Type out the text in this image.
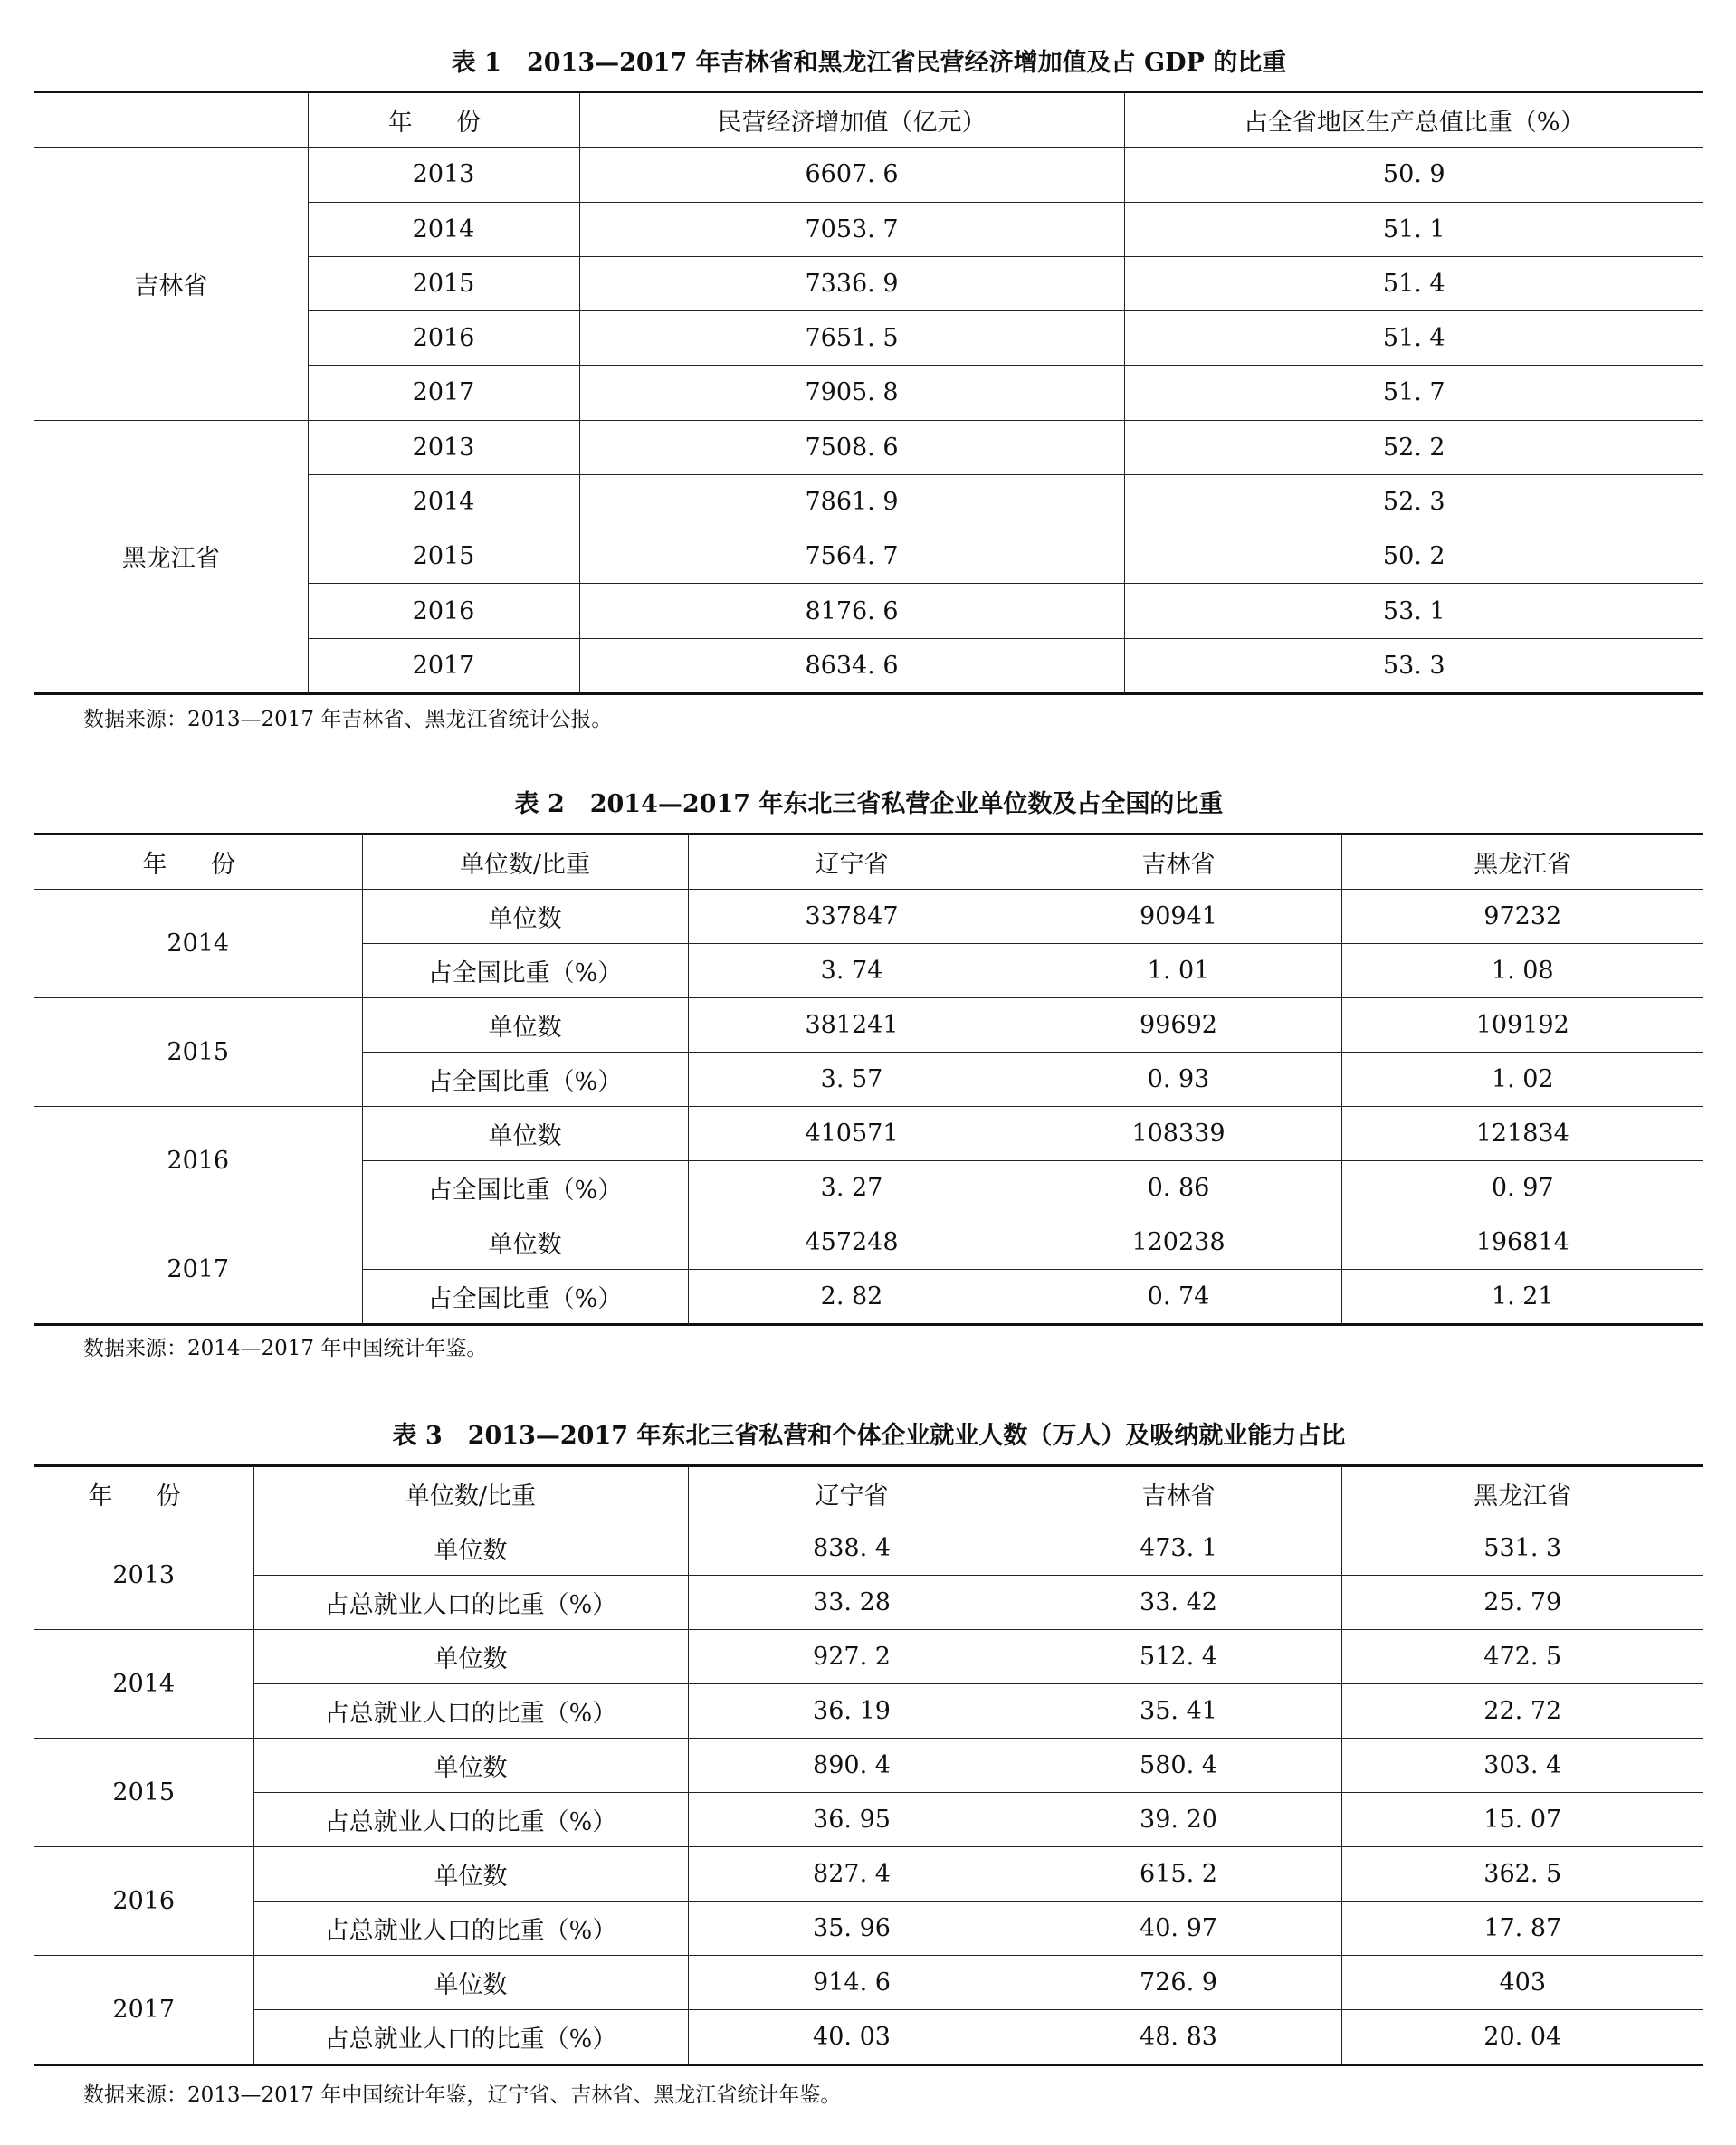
表 1 2013—2017 年吉林省和黑龙江省民营经济增加值及占 GDP 的比重
	年 份	民营经济增加值（亿元）	占全省地区生产总值比重（%）
吉林省	2013	6607. 6	50. 9
	2014	7053. 7	51. 1
	2015	7336. 9	51. 4
	2016	7651. 5	51. 4
	2017	7905. 8	51. 7
黑龙江省	2013	7508. 6	52. 2
	2014	7861. 9	52. 3
	2015	7564. 7	50. 2
	2016	8176. 6	53. 1
	2017	8634. 6	53. 3
数据来源：2013—2017 年吉林省、黑龙江省统计公报。
表 2 2014—2017 年东北三省私营企业单位数及占全国的比重
年 份	单位数/比重	辽宁省	吉林省	黑龙江省
2014	单位数	337847	90941	97232
	占全国比重（%）	3. 74	1. 01	1. 08
2015	单位数	381241	99692	109192
	占全国比重（%）	3. 57	0. 93	1. 02
2016	单位数	410571	108339	121834
	占全国比重（%）	3. 27	0. 86	0. 97
2017	单位数	457248	120238	196814
	占全国比重（%）	2. 82	0. 74	1. 21
数据来源：2014—2017 年中国统计年鉴。
表 3 2013—2017 年东北三省私营和个体企业就业人数（万人）及吸纳就业能力占比
年 份	单位数/比重	辽宁省	吉林省	黑龙江省
2013	单位数	838. 4	473. 1	531. 3
	占总就业人口的比重（%）	33. 28	33. 42	25. 79
2014	单位数	927. 2	512. 4	472. 5
	占总就业人口的比重（%）	36. 19	35. 41	22. 72
2015	单位数	890. 4	580. 4	303. 4
	占总就业人口的比重（%）	36. 95	39. 20	15. 07
2016	单位数	827. 4	615. 2	362. 5
	占总就业人口的比重（%）	35. 96	40. 97	17. 87
2017	单位数	914. 6	726. 9	403
	占总就业人口的比重（%）	40. 03	48. 83	20. 04
数据来源：2013—2017 年中国统计年鉴，辽宁省、吉林省、黑龙江省统计年鉴。
